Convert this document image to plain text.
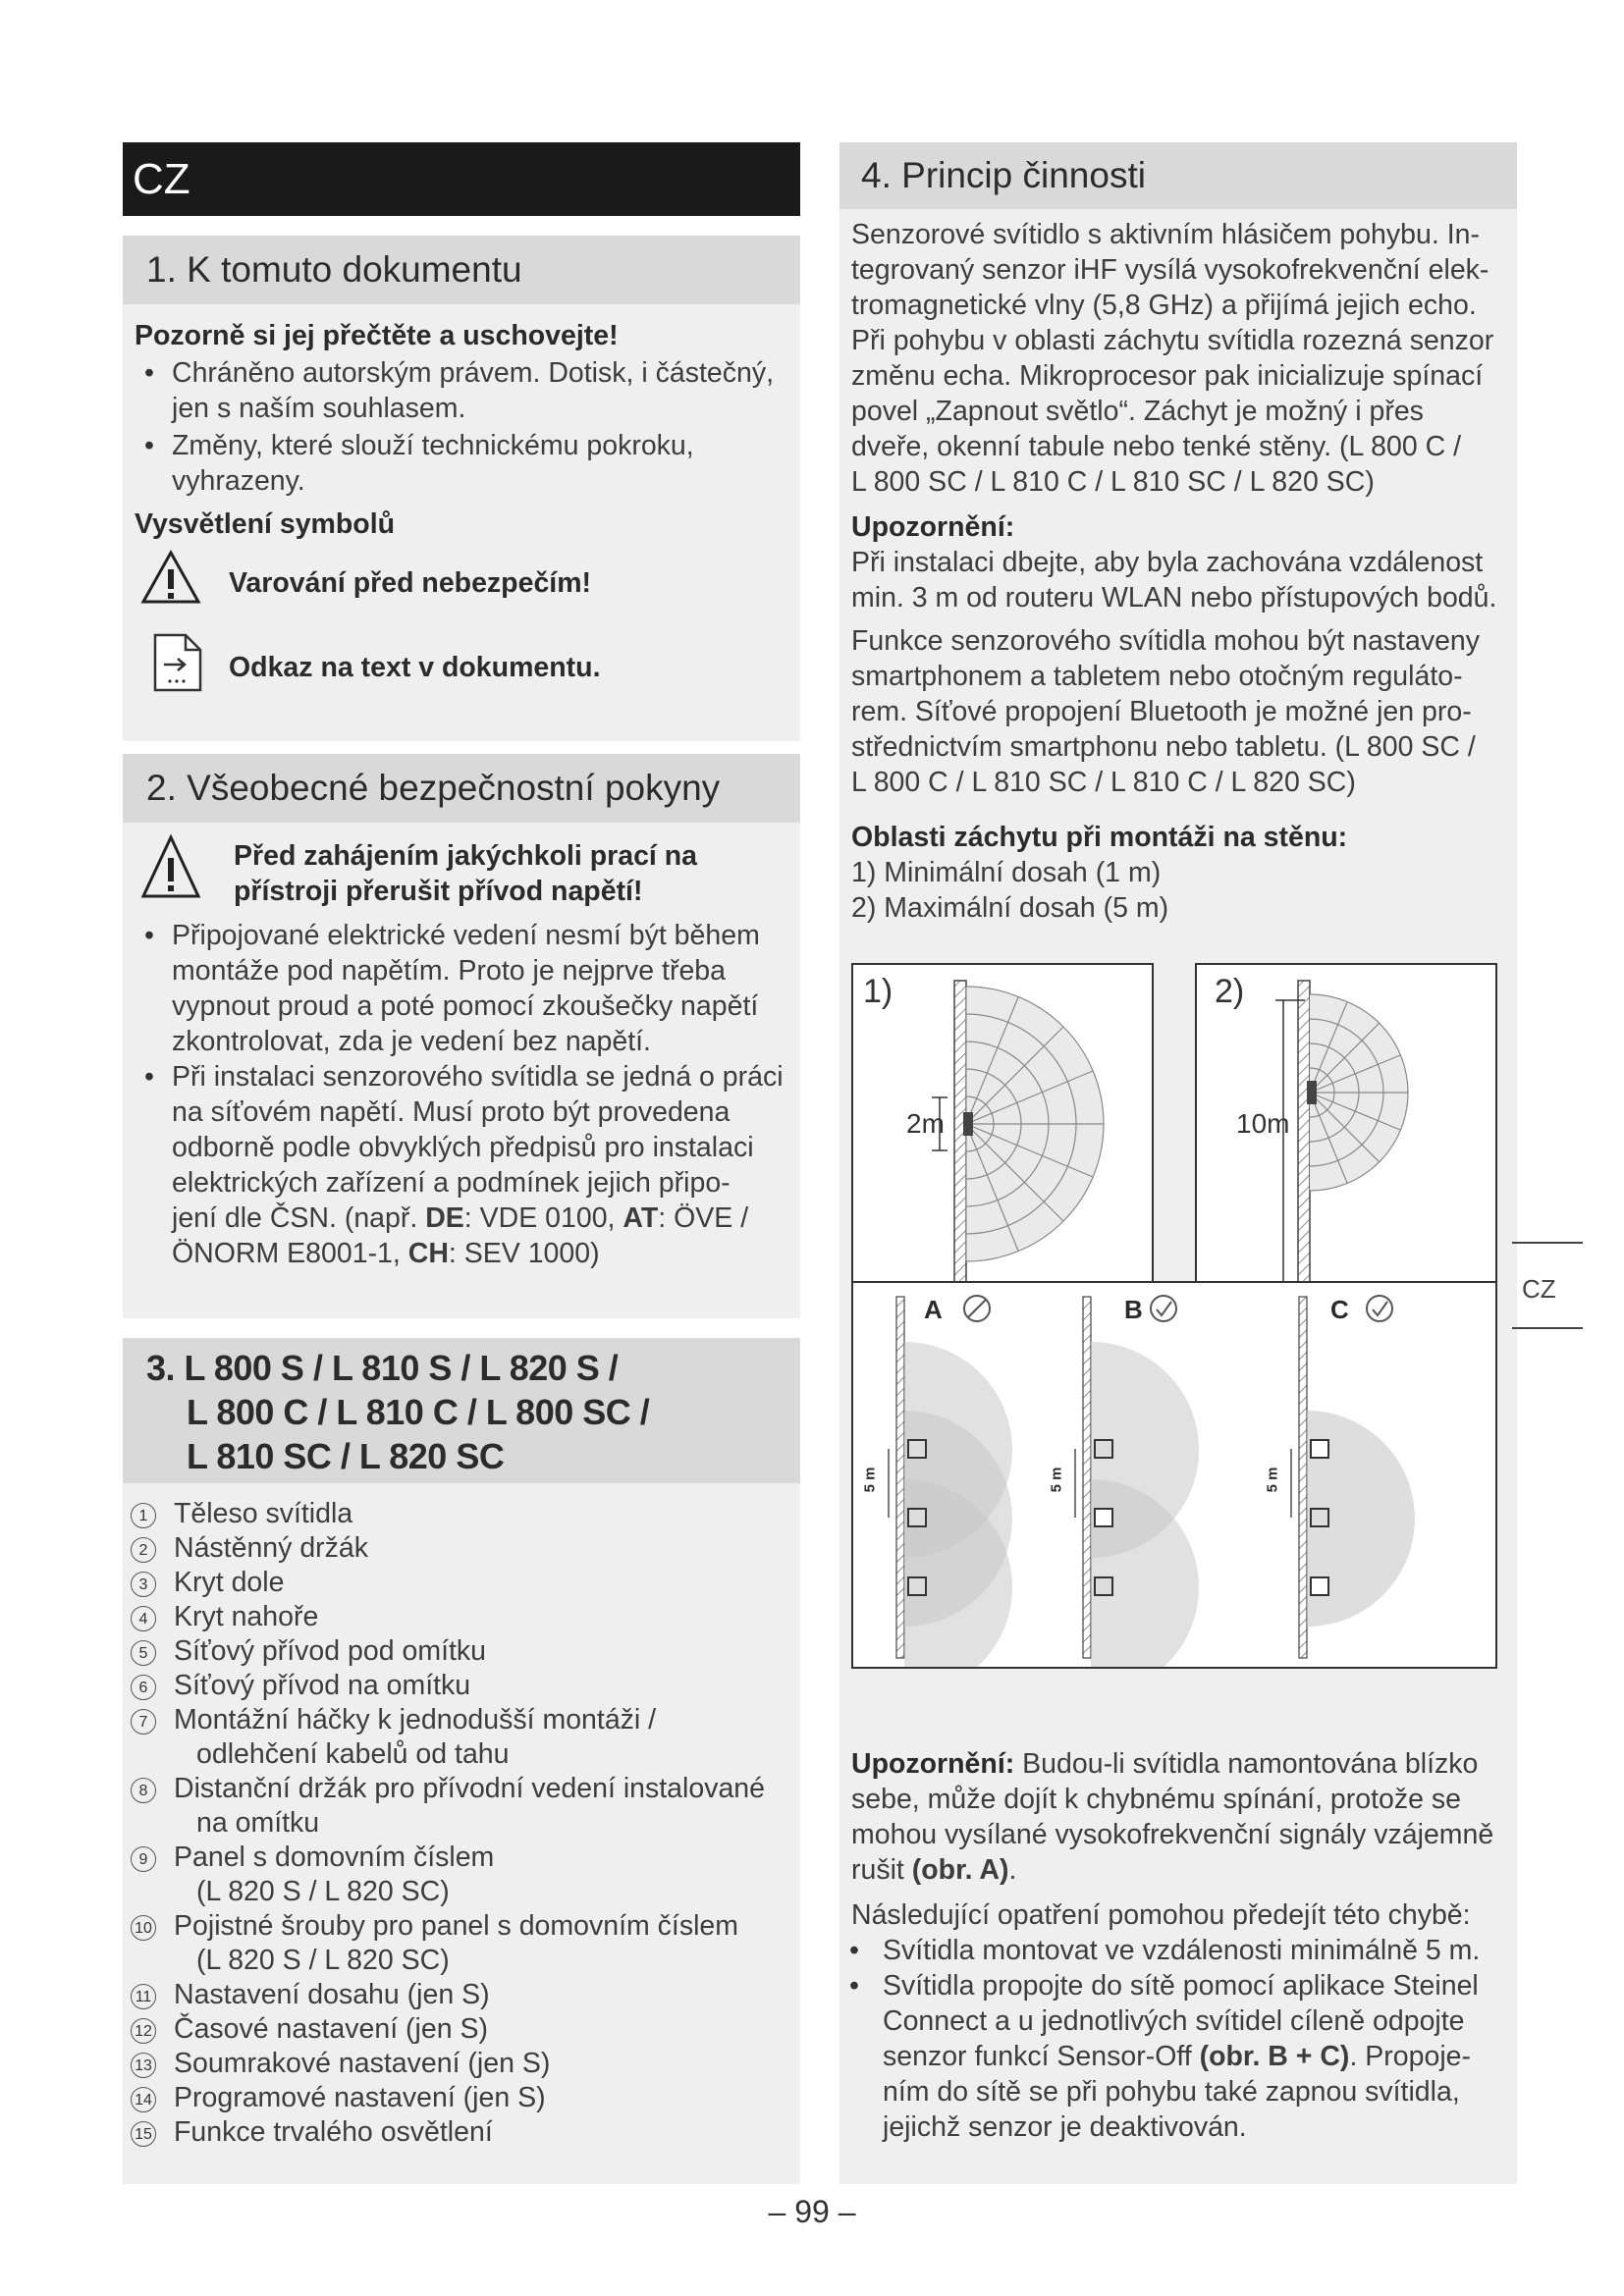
CZ
1. K tomuto dokumentu
Pozorně si jej přečtěte a uschovejte!
• Chráněno autorským právem. Dotisk, i částečný,
jen s naším souhlasem.
• Změny, které slouží technickému pokroku,
vyhrazeny.
Vysvětlení symbolů
Varování před nebezpečím!
Odkaz na text v dokumentu.
2. Všeobecné bezpečnostní pokyny
Před zahájením jakýchkoli prací na
přístroji přerušit přívod napětí!
• Připojované elektrické vedení nesmí být během
montáže pod napětím. Proto je nejprve třeba
vypnout proud a poté pomocí zkoušečky napětí
zkontrolovat, zda je vedení bez napětí.
• Při instalaci senzorového svítidla se jedná o práci
na síťovém napětí. Musí proto být provedena
odborně podle obvyklých předpisů pro instalaci
elektrických zařízení a podmínek jejich připo-
jení dle ČSN. (např. DE: VDE 0100, AT: ÖVE /
ÖNORM E8001-1, CH: SEV 1000)
3. L 800 S / L 810 S / L 820 S /
L 800 C / L 810 C / L 800 SC /
L 810 SC / L 820 SC
1 Těleso svítidla
2 Nástěnný držák
3 Kryt dole
4 Kryt nahoře
5 Síťový přívod pod omítku
6 Síťový přívod na omítku
7 Montážní háčky k jednodušší montáži /
odlehčení kabelů od tahu
8 Distanční držák pro přívodní vedení instalované
na omítku
9 Panel s domovním číslem
(L 820 S / L 820 SC)
10 Pojistné šrouby pro panel s domovním číslem
(L 820 S / L 820 SC)
11 Nastavení dosahu (jen S)
12 Časové nastavení (jen S)
13 Soumrakové nastavení (jen S)
14 Programové nastavení (jen S)
15 Funkce trvalého osvětlení
4. Princip činnosti
Senzorové svítidlo s aktivním hlásičem pohybu. In-
tegrovaný senzor iHF vysílá vysokofrekvenční elek-
tromagnetické vlny (5,8 GHz) a přijímá jejich echo.
Při pohybu v oblasti záchytu svítidla rozezná senzor
změnu echa. Mikroprocesor pak inicializuje spínací
povel „Zapnout světlo“. Záchyt je možný i přes
dveře, okenní tabule nebo tenké stěny. (L 800 C /
L 800 SC / L 810 C / L 810 SC / L 820 SC)
Upozornění:
Při instalaci dbejte, aby byla zachována vzdálenost
min. 3 m od routeru WLAN nebo přístupových bodů.
Funkce senzorového svítidla mohou být nastaveny
smartphonem a tabletem nebo otočným reguláto-
rem. Síťové propojení Bluetooth je možné jen pro-
střednictvím smartphonu nebo tabletu. (L 800 SC /
L 800 C / L 810 SC / L 810 C / L 820 SC)
Oblasti záchytu při montáži na stěnu:
1) Minimální dosah (1 m)
2) Maximální dosah (5 m)
1)
2m
2)
10m
A	B	C
5 m	5 m	5 m
Upozornění: Budou-li svítidla namontována blízko
sebe, může dojít k chybnému spínání, protože se
mohou vysílané vysokofrekvenční signály vzájemně
rušit (obr. A).
Následující opatření pomohou předejít této chybě:
• Svítidla montovat ve vzdálenosti minimálně 5 m.
• Svítidla propojte do sítě pomocí aplikace Steinel
Connect a u jednotlivých svítidel cíleně odpojte
senzor funkcí Sensor-Off (obr. B + C). Propoje-
ním do sítě se při pohybu také zapnou svítidla,
jejichž senzor je deaktivován.
CZ
– 99 –
